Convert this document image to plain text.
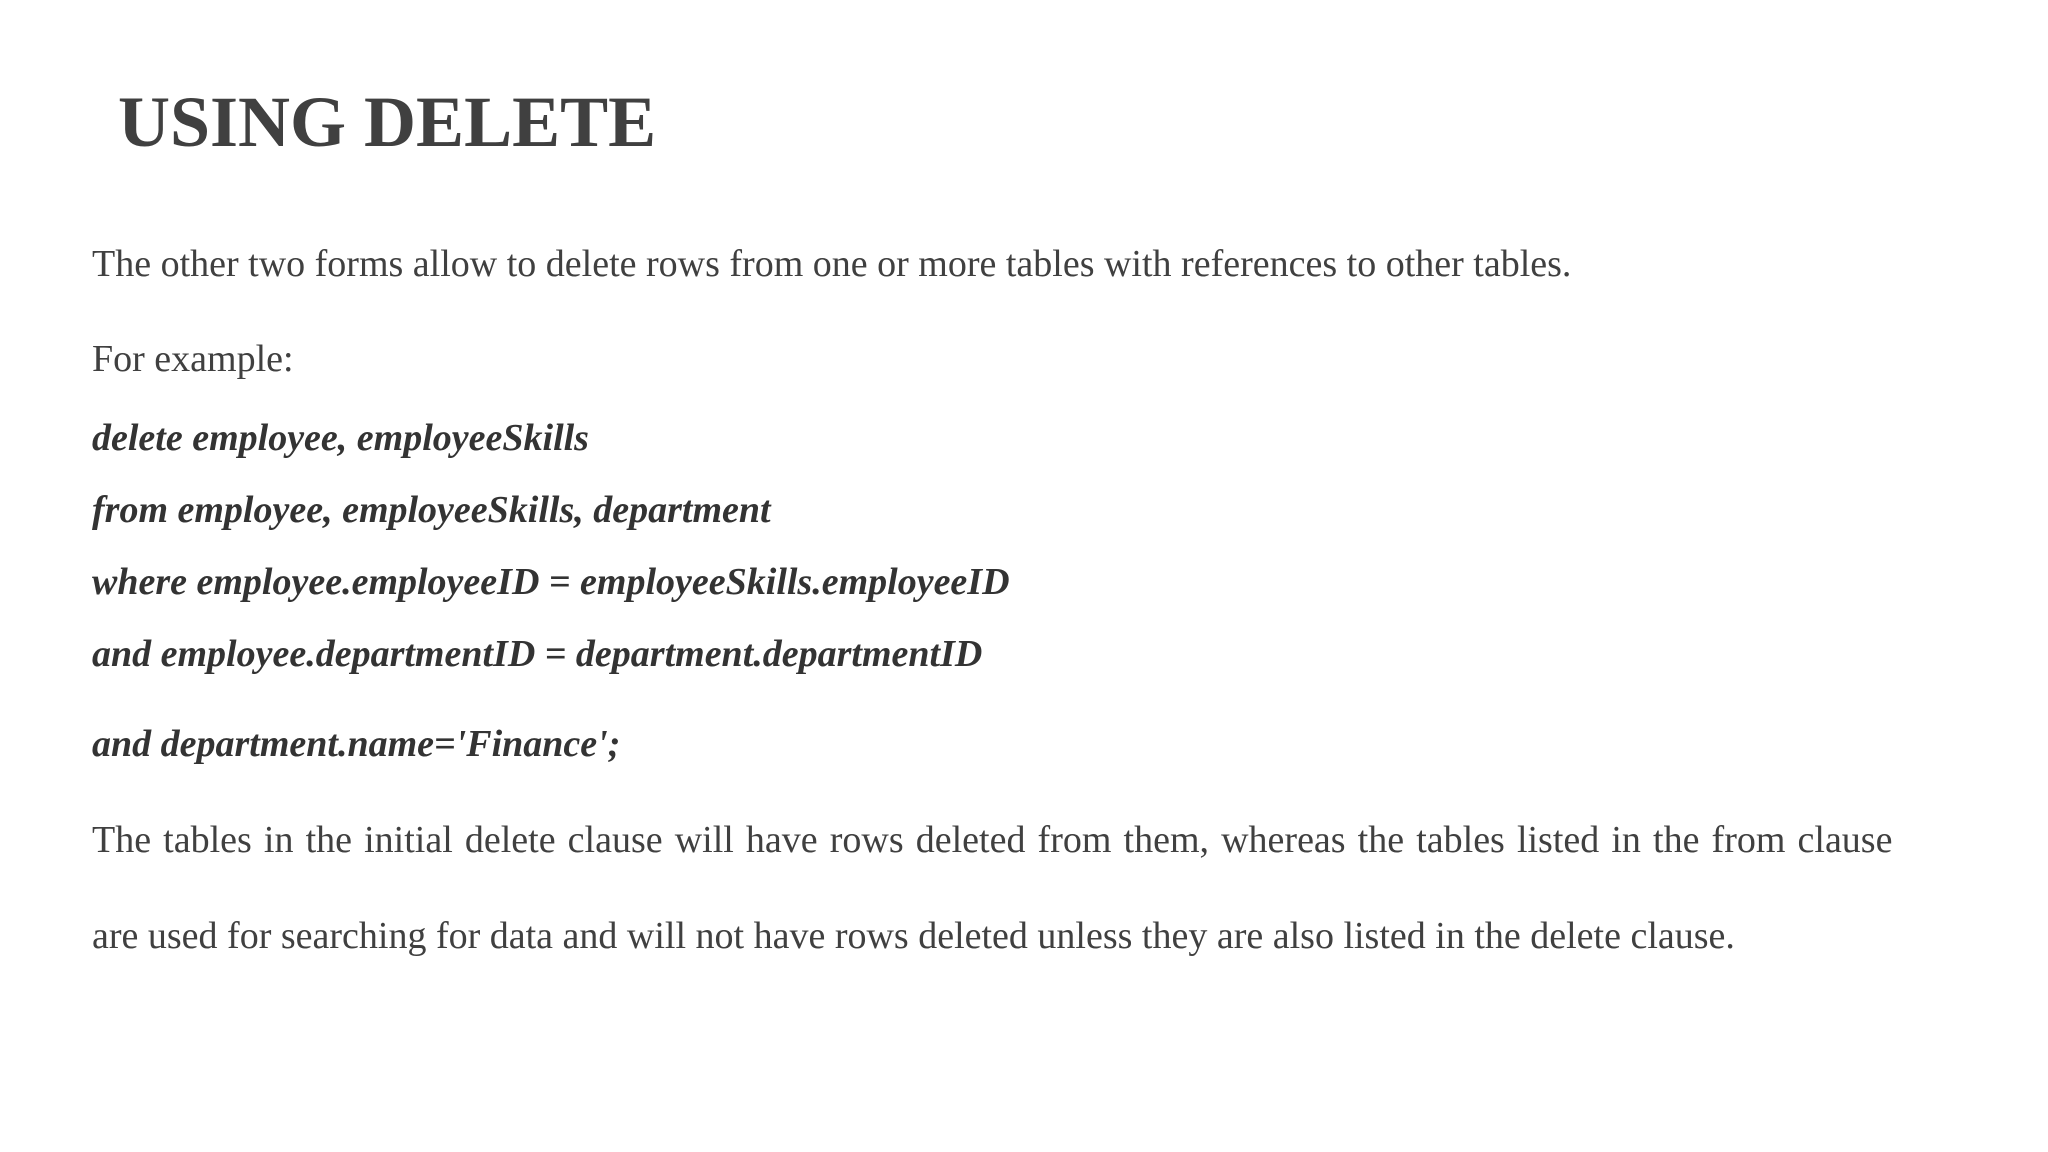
USING DELETE

The other two forms allow to delete rows from one or more tables with references to other tables.

For example:

delete employee, employeeSkills

from employee, employeeSkills, department

where employee.employeeID = employeeSkills.employeeID

and employee.departmentID = department.departmentID

and department.name='Finance';

The tables in the initial delete clause will have rows deleted from them, whereas the tables listed in the from clause

are used for searching for data and will not have rows deleted unless they are also listed in the delete clause.
